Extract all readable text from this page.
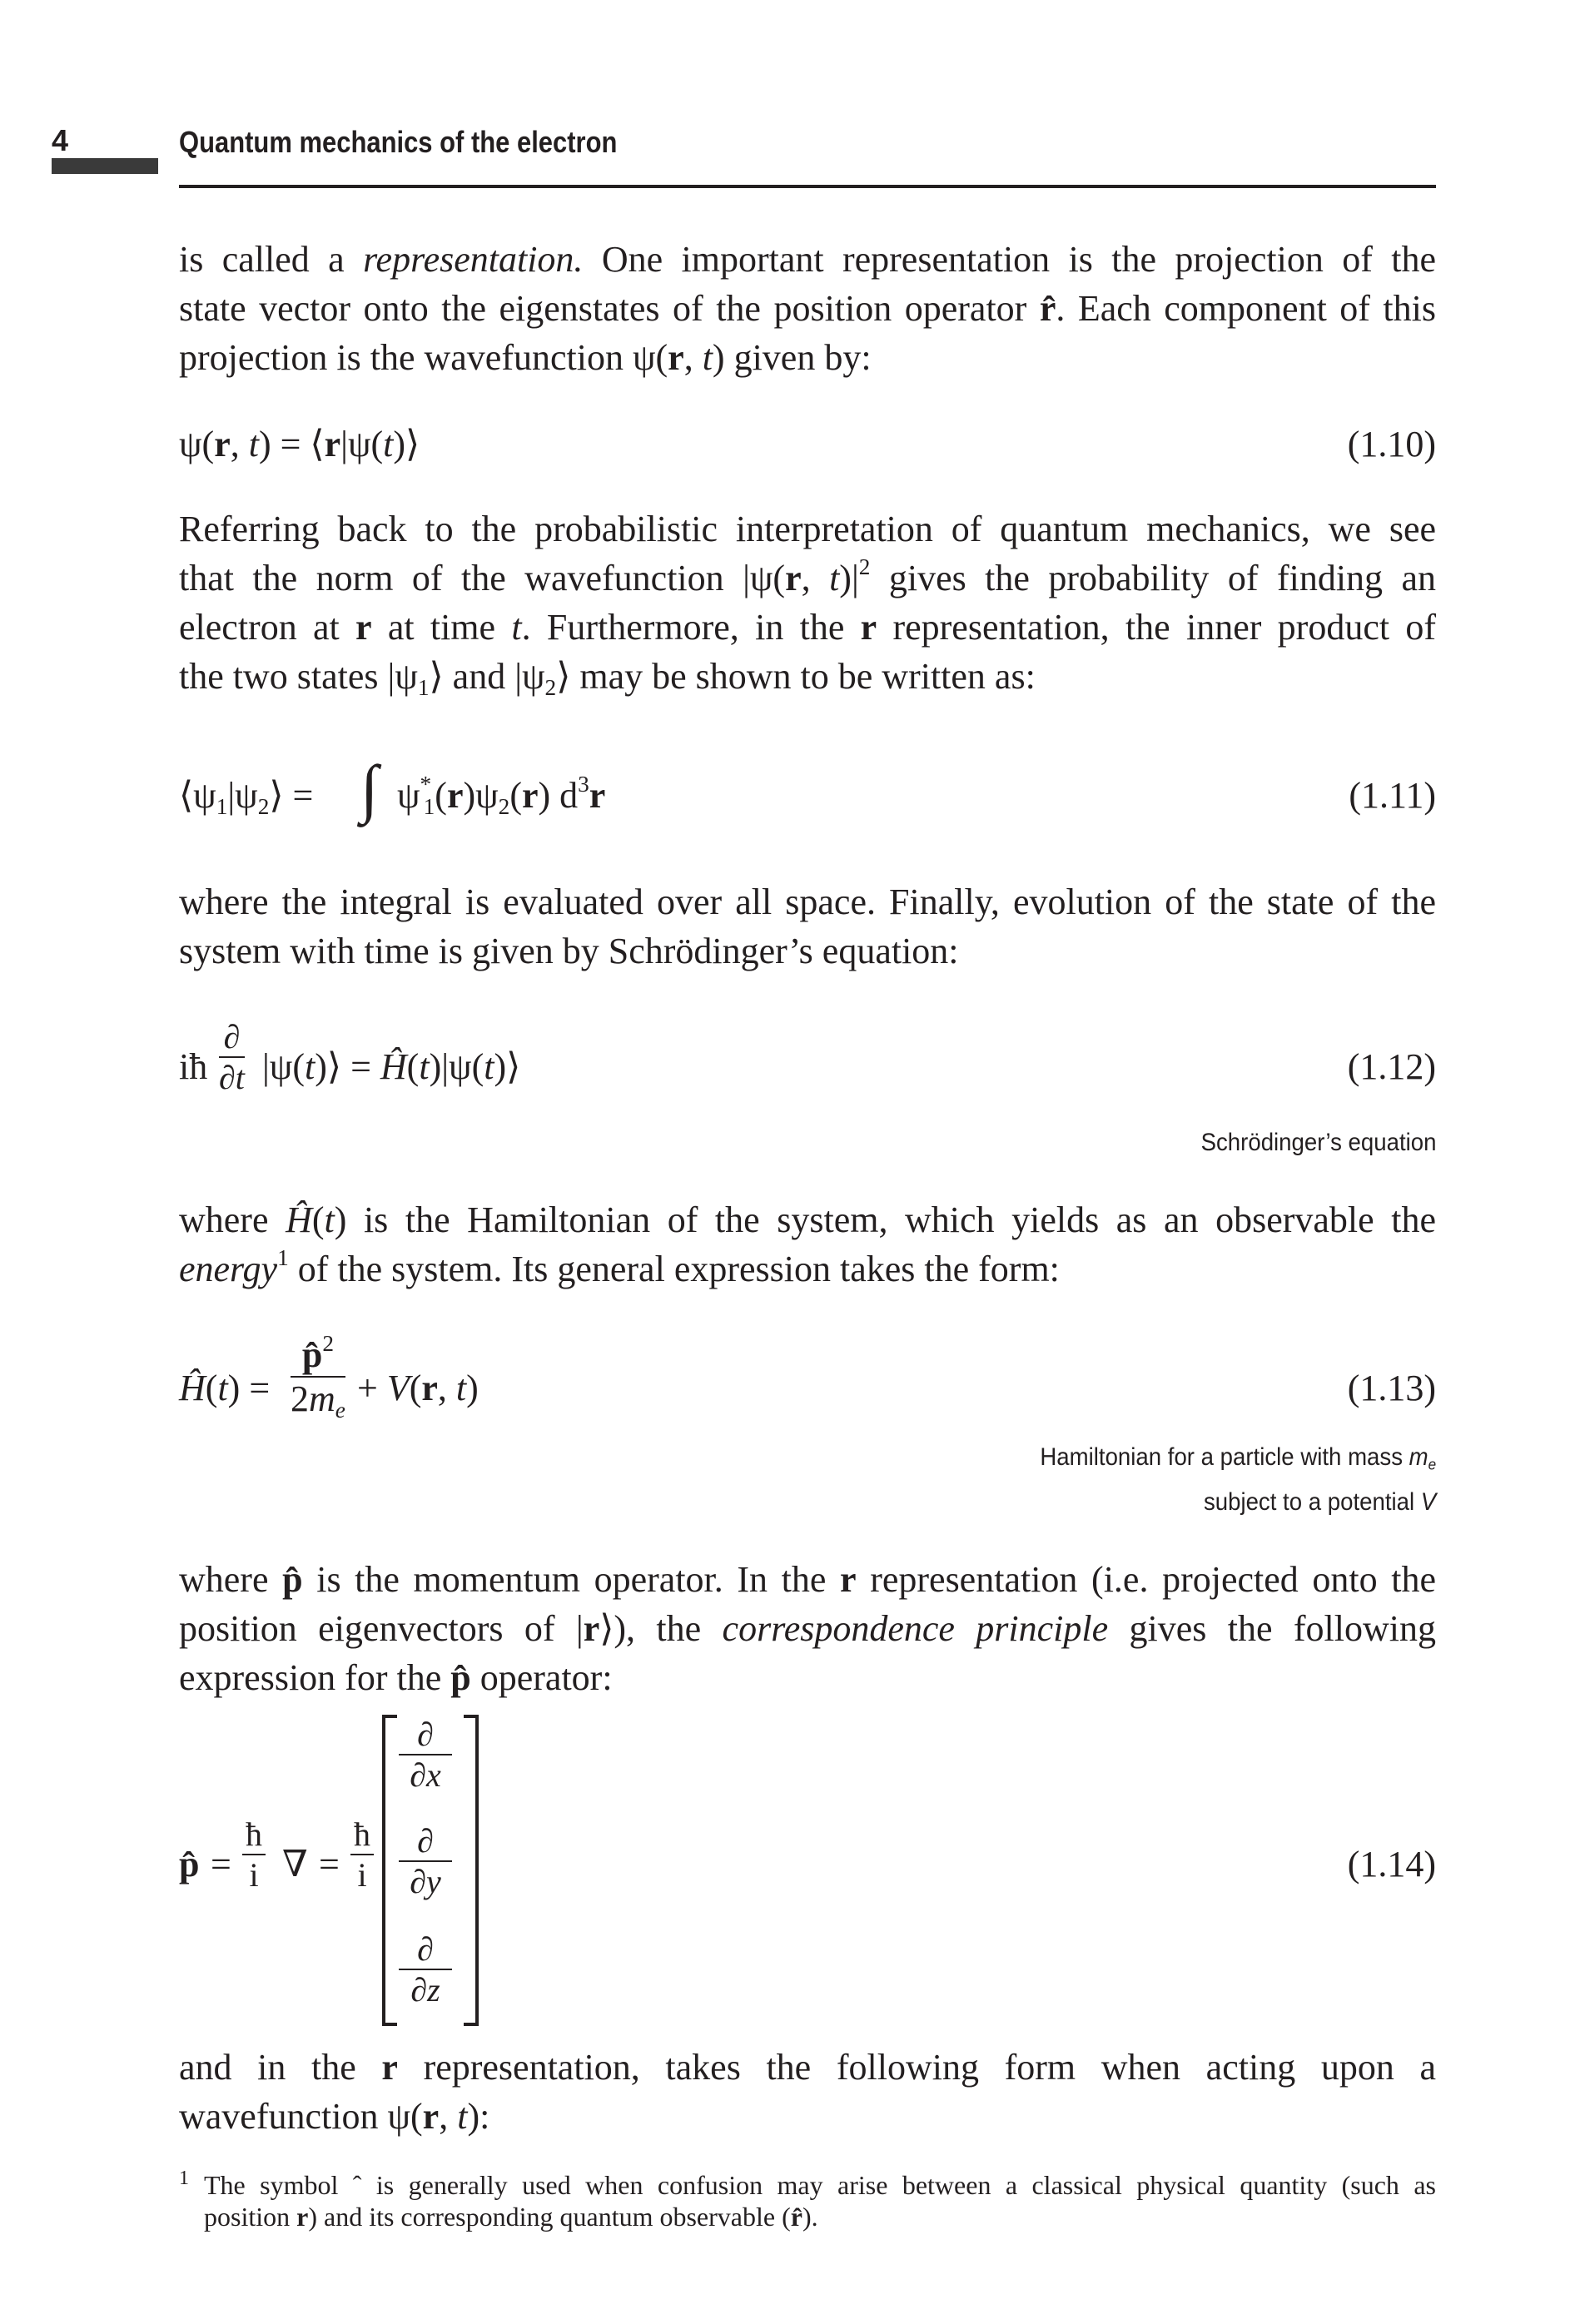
4	Quantum mechanics of the electron

is called a representation. One important representation is the projection of the
state vector onto the eigenstates of the position operator r̂. Each component of this
projection is the wavefunction ψ(r, t) given by:

ψ(r, t) = ⟨r|ψ(t)⟩	(1.10)

Referring back to the probabilistic interpretation of quantum mechanics, we see
that the norm of the wavefunction |ψ(r, $t)|^2$ gives the probability of finding an
electron at r at time t. Furthermore, in the r representation, the inner product of
the two states $|\psi_1⟩$ and $|\psi_2⟩$ may be shown to be written as:

$⟨\psi_1|\psi_2⟩$ = ∫ $\psi^*_1(r)\psi_2(r)$ $d^3r$	(1.11)

where the integral is evaluated over all space. Finally, evolution of the state of the
system with time is given by Schrödinger’s equation:

iħ
∂
∂t |ψ(t)⟩ = Ĥ(t)|ψ(t)⟩	(1.12)
Schrödinger’s equation

where Ĥ(t) is the Hamiltonian of the system, which yields as an observable the
energy$^1$ of the system. Its general expression takes the form:

Ĥ(t) = $\frac{p̂^2}{2m_e} + V(r$, t)	(1.13)
Hamiltonian for a particle with mass $m_e$
subject to a potential V

where p̂ is the momentum operator. In the r representation (i.e. projected onto the
position eigenvectors of |r⟩), the correspondence principle gives the following
expression for the p̂ operator:

p̂ = $\frac{ħ}{i}$ ∇ = $\frac{ħ}{i}$
∂
∂x
∂
∂y
∂
∂z
(1.14)

and in the r representation, takes the following form when acting upon a
wavefunction ψ(r, t):

1 The symbol ˆ is generally used when confusion may arise between a classical physical quantity (such as
position r) and its corresponding quantum observable (r̂).
